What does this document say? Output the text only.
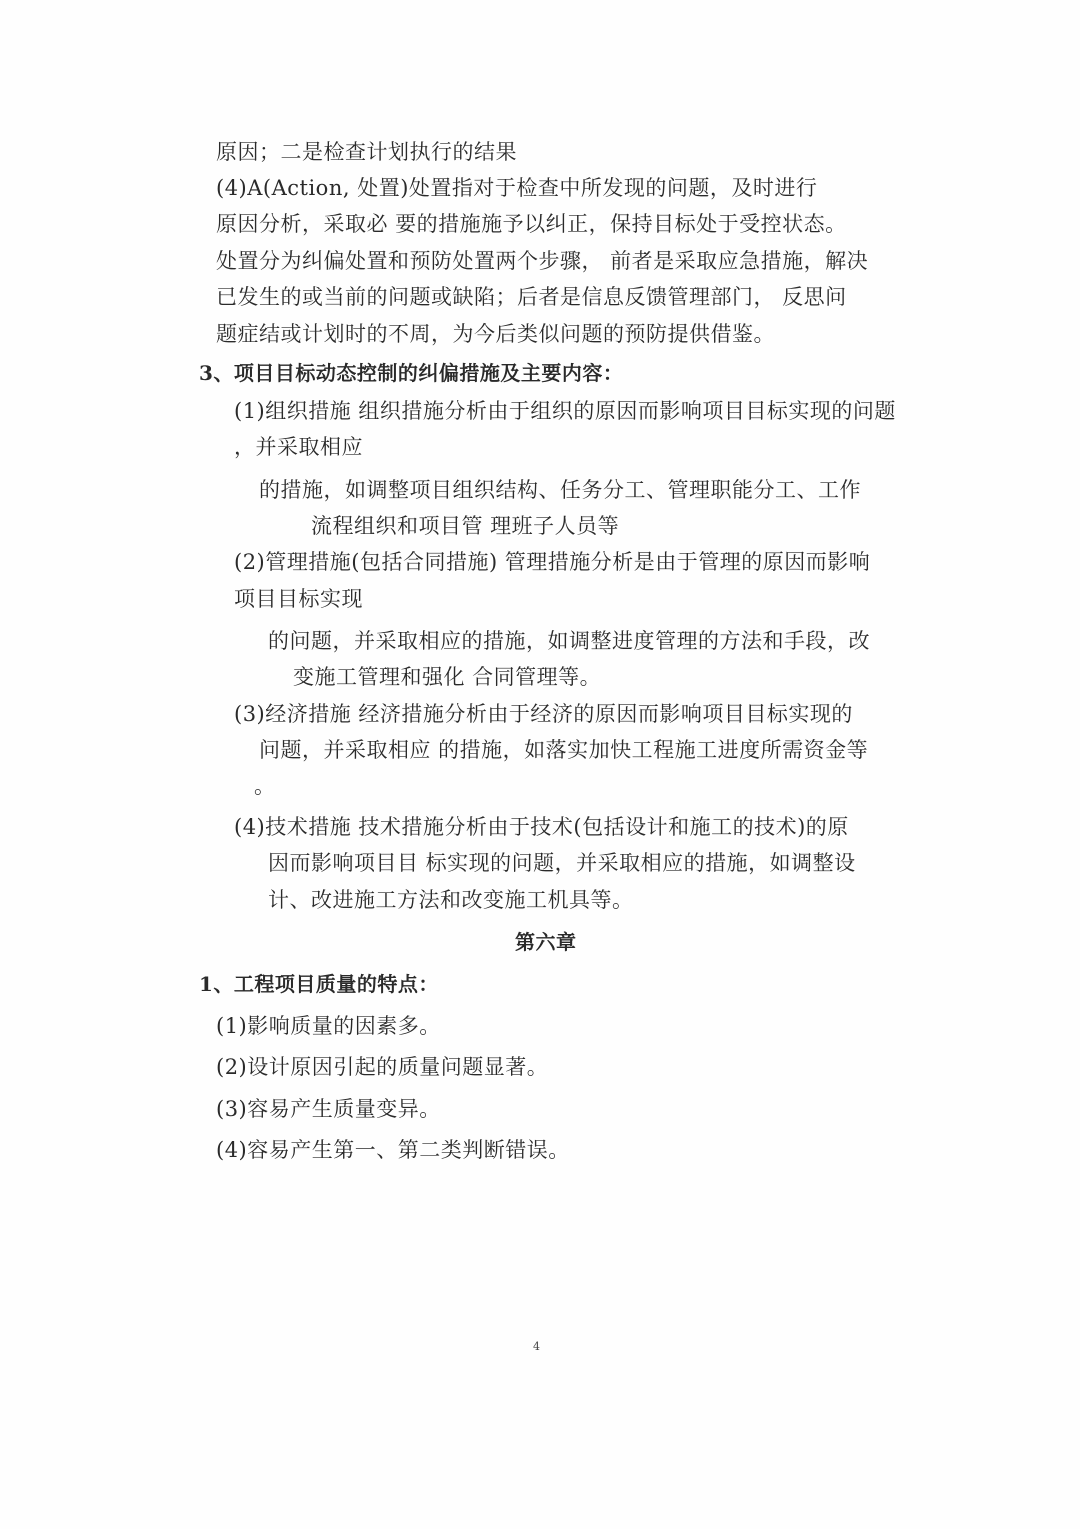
原因；二是检查计划执行的结果
(4)A(Action, 处置)处置指对于检查中所发现的问题，及时进行
原因分析，采取必 要的措施施予以纠正，保持目标处于受控状态。
处置分为纠偏处置和预防处置两个步骤， 前者是采取应急措施，解决
已发生的或当前的问题或缺陷；后者是信息反馈管理部门， 反思问
题症结或计划时的不周，为今后类似问题的预防提供借鉴。
3、项目目标动态控制的纠偏措施及主要内容：
(1)组织措施 组织措施分析由于组织的原因而影响项目目标实现的问题
，并采取相应
的措施，如调整项目组织结构、任务分工、管理职能分工、工作
流程组织和项目管 理班子人员等
(2)管理措施(包括合同措施) 管理措施分析是由于管理的原因而影响
项目目标实现
的问题，并采取相应的措施，如调整进度管理的方法和手段，改
变施工管理和强化 合同管理等。
(3)经济措施 经济措施分析由于经济的原因而影响项目目标实现的
问题，并采取相应 的措施，如落实加快工程施工进度所需资金等
。
(4)技术措施 技术措施分析由于技术(包括设计和施工的技术)的原
因而影响项目目 标实现的问题，并采取相应的措施，如调整设
计、改进施工方法和改变施工机具等。
第六章
1、工程项目质量的特点：
(1)影响质量的因素多。
(2)设计原因引起的质量问题显著。
(3)容易产生质量变异。
(4)容易产生第一、第二类判断错误。
4
